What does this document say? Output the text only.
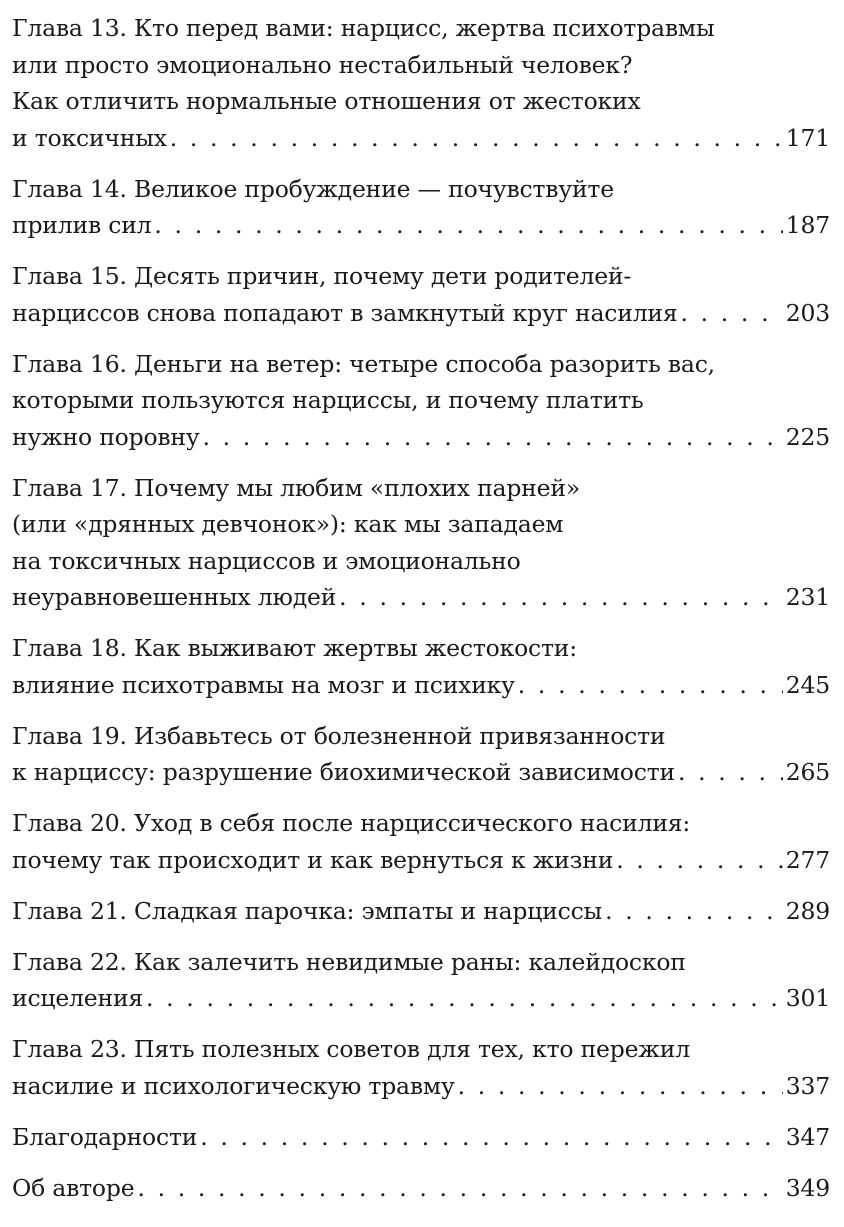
Глава 13. Кто перед вами: нарцисс, жертва психотравмы
или просто эмоционально нестабильный человек?
Как отличить нормальные отношения от жестоких
и токсичных . . .	171
Глава 14. Великое пробуждение — почувствуйте
прилив сил . . .	187
Глава 15. Десять причин, почему дети родителей-
нарциссов снова попадают в замкнутый круг насилия . . .	203
Глава 16. Деньги на ветер: четыре способа разорить вас,
которыми пользуются нарциссы, и почему платить
нужно поровну . . .	225
Глава 17. Почему мы любим «плохих парней»
(или «дрянных девчонок»): как мы западаем
на токсичных нарциссов и эмоционально
неуравновешенных людей . . .	231
Глава 18. Как выживают жертвы жестокости:
влияние психотравмы на мозг и психику . . .	245
Глава 19. Избавьтесь от болезненной привязанности
к нарциссу: разрушение биохимической зависимости . . .	265
Глава 20. Уход в себя после нарциссического насилия:
почему так происходит и как вернуться к жизни . . .	277
Глава 21. Сладкая парочка: эмпаты и нарциссы . . .	289
Глава 22. Как залечить невидимые раны: калейдоскоп
исцеления . . .	301
Глава 23. Пять полезных советов для тех, кто пережил
насилие и психологическую травму . . .	337
Благодарности . . .	347
Об авторе . . .	349
